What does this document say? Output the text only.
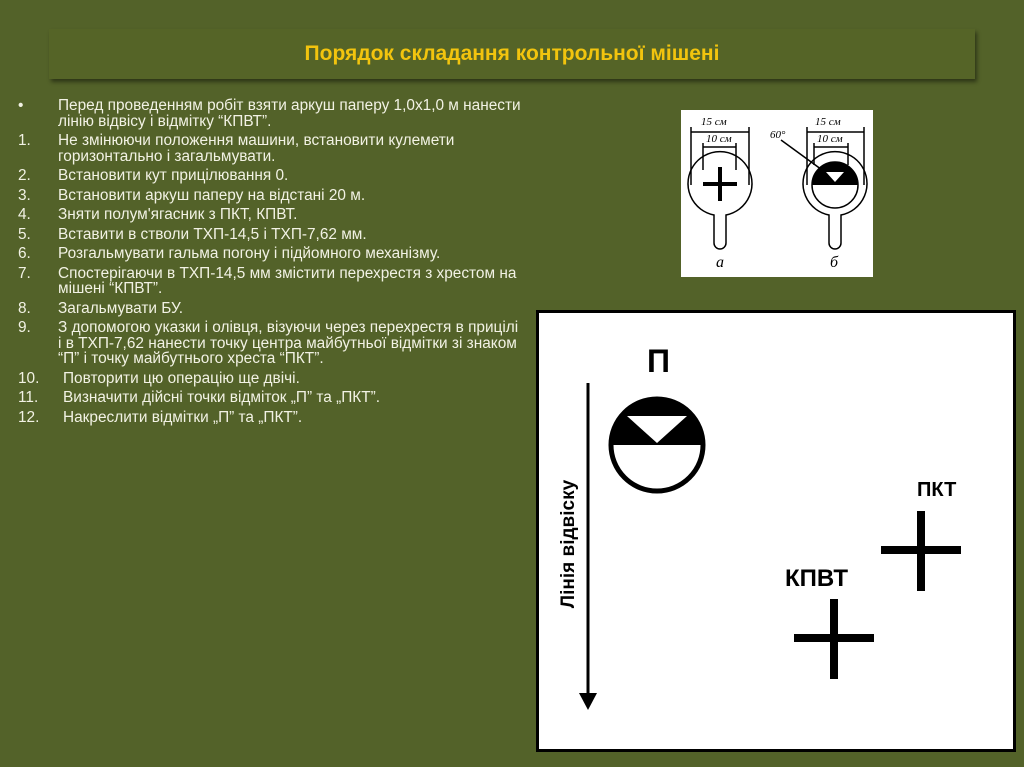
Порядок складання контрольної мішені
•	Перед проведенням робіт взяти аркуш паперу 1,0х1,0 м нанести лінію відвісу і відмітку “КПВТ”.
1.	Не змінюючи положення машини, встановити кулемети горизонтально і загальмувати.
2.	Встановити кут прицілювання 0.
3.	Встановити аркуш паперу на відстані 20 м.
4.	Зняти полум'ягасник з ПКТ, КПВТ.
5.	Вставити в стволи ТХП-14,5 і ТХП-7,62 мм.
6.	Розгальмувати гальма погону і підйомного механізму.
7.	Спостерігаючи в ТХП-14,5 мм змістити перехрестя з хрестом на мішені “КПВТ”.
8.	Загальмувати БУ.
9.	З допомогою указки і олівця, візуючи через перехрестя в прицілі і в ТХП-7,62 нанести точку центра майбутньої відмітки зі знаком “П” і точку майбутнього хреста “ПКТ”.
10.	Повторити цю операцію ще двічі.
11.	Визначити дійсні точки відміток „П” та „ПКТ”.
12.	Накреслити відмітки „П” та „ПКТ”.
15 см
10 см
15 см
10 см
60°
а	б
П
Лінія відвіску	ПКТ
КПВТ
